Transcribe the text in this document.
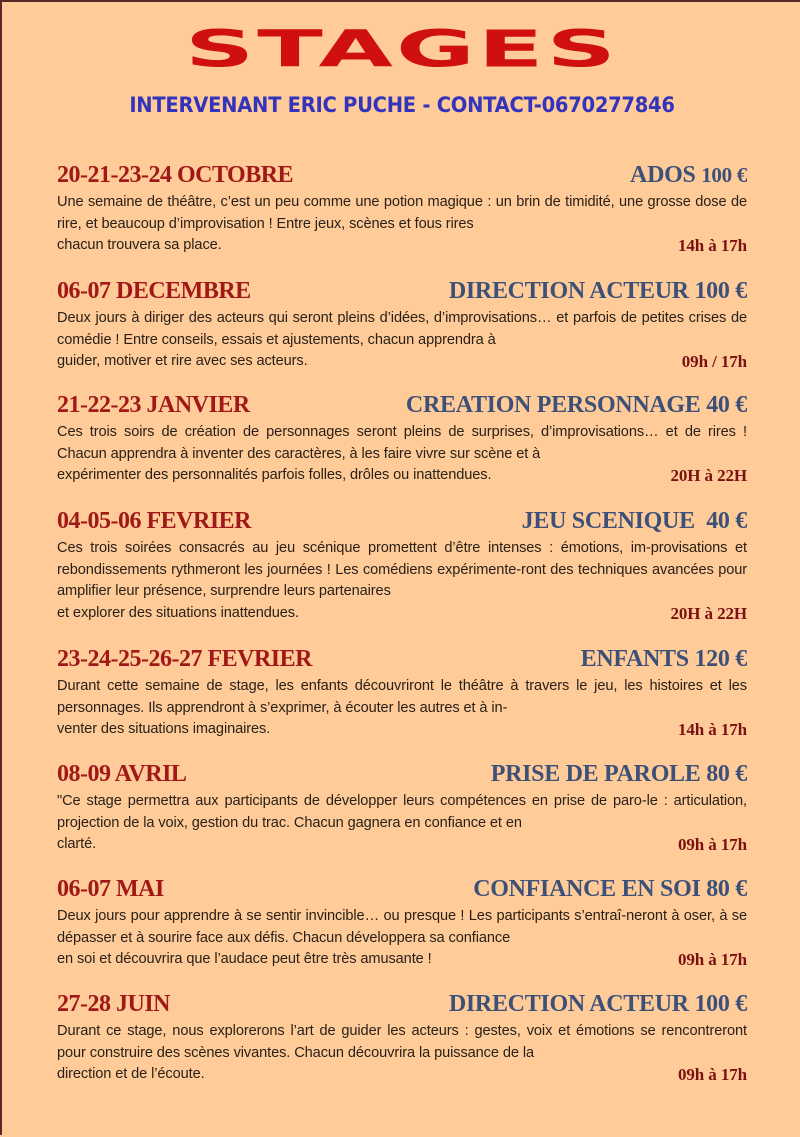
STAGES
INTERVENANT ERIC PUCHE - CONTACT-0670277846
20-21-23-24 OCTOBRE	ADOS 100 €
Une semaine de théâtre, c’est un peu comme une potion magique : un brin de timidité, une grosse dose de rire, et beaucoup d’improvisation ! Entre jeux, scènes et fous rires
chacun trouvera sa place.	14h à 17h
06-07 DECEMBRE	DIRECTION ACTEUR 100 €
Deux jours à diriger des acteurs qui seront pleins d’idées, d’improvisations… et parfois de petites crises de comédie ! Entre conseils, essais et ajustements, chacun apprendra à
guider, motiver et rire avec ses acteurs.	09h / 17h
21-22-23 JANVIER	CREATION PERSONNAGE 40 €
Ces trois soirs de création de personnages seront pleins de surprises, d’improvisations… et de rires ! Chacun apprendra à inventer des caractères, à les faire vivre sur scène et à
expérimenter des personnalités parfois folles, drôles ou inattendues.	20H à 22H
04-05-06 FEVRIER	JEU SCENIQUE 40 €
Ces trois soirées consacrés au jeu scénique promettent d’être intenses : émotions, im-provisations et rebondissements rythmeront les journées ! Les comédiens expérimente-ront des techniques avancées pour amplifier leur présence, surprendre leurs partenaires
et explorer des situations inattendues.	20H à 22H
23-24-25-26-27 FEVRIER	ENFANTS 120 €
Durant cette semaine de stage, les enfants découvriront le théâtre à travers le jeu, les histoires et les personnages. Ils apprendront à s’exprimer, à écouter les autres et à in-
venter des situations imaginaires.	14h à 17h
08-09 AVRIL	PRISE DE PAROLE 80 €
"Ce stage permettra aux participants de développer leurs compétences en prise de paro-le : articulation, projection de la voix, gestion du trac. Chacun gagnera en confiance et en
clarté.	09h à 17h
06-07 MAI	CONFIANCE EN SOI 80 €
Deux jours pour apprendre à se sentir invincible… ou presque ! Les participants s’entraî-neront à oser, à se dépasser et à sourire face aux défis. Chacun développera sa confiance
en soi et découvrira que l’audace peut être très amusante !	09h à 17h
27-28 JUIN	DIRECTION ACTEUR 100 €
Durant ce stage, nous explorerons l’art de guider les acteurs : gestes, voix et émotions se rencontreront pour construire des scènes vivantes. Chacun découvrira la puissance de la
direction et de l’écoute.	09h à 17h
